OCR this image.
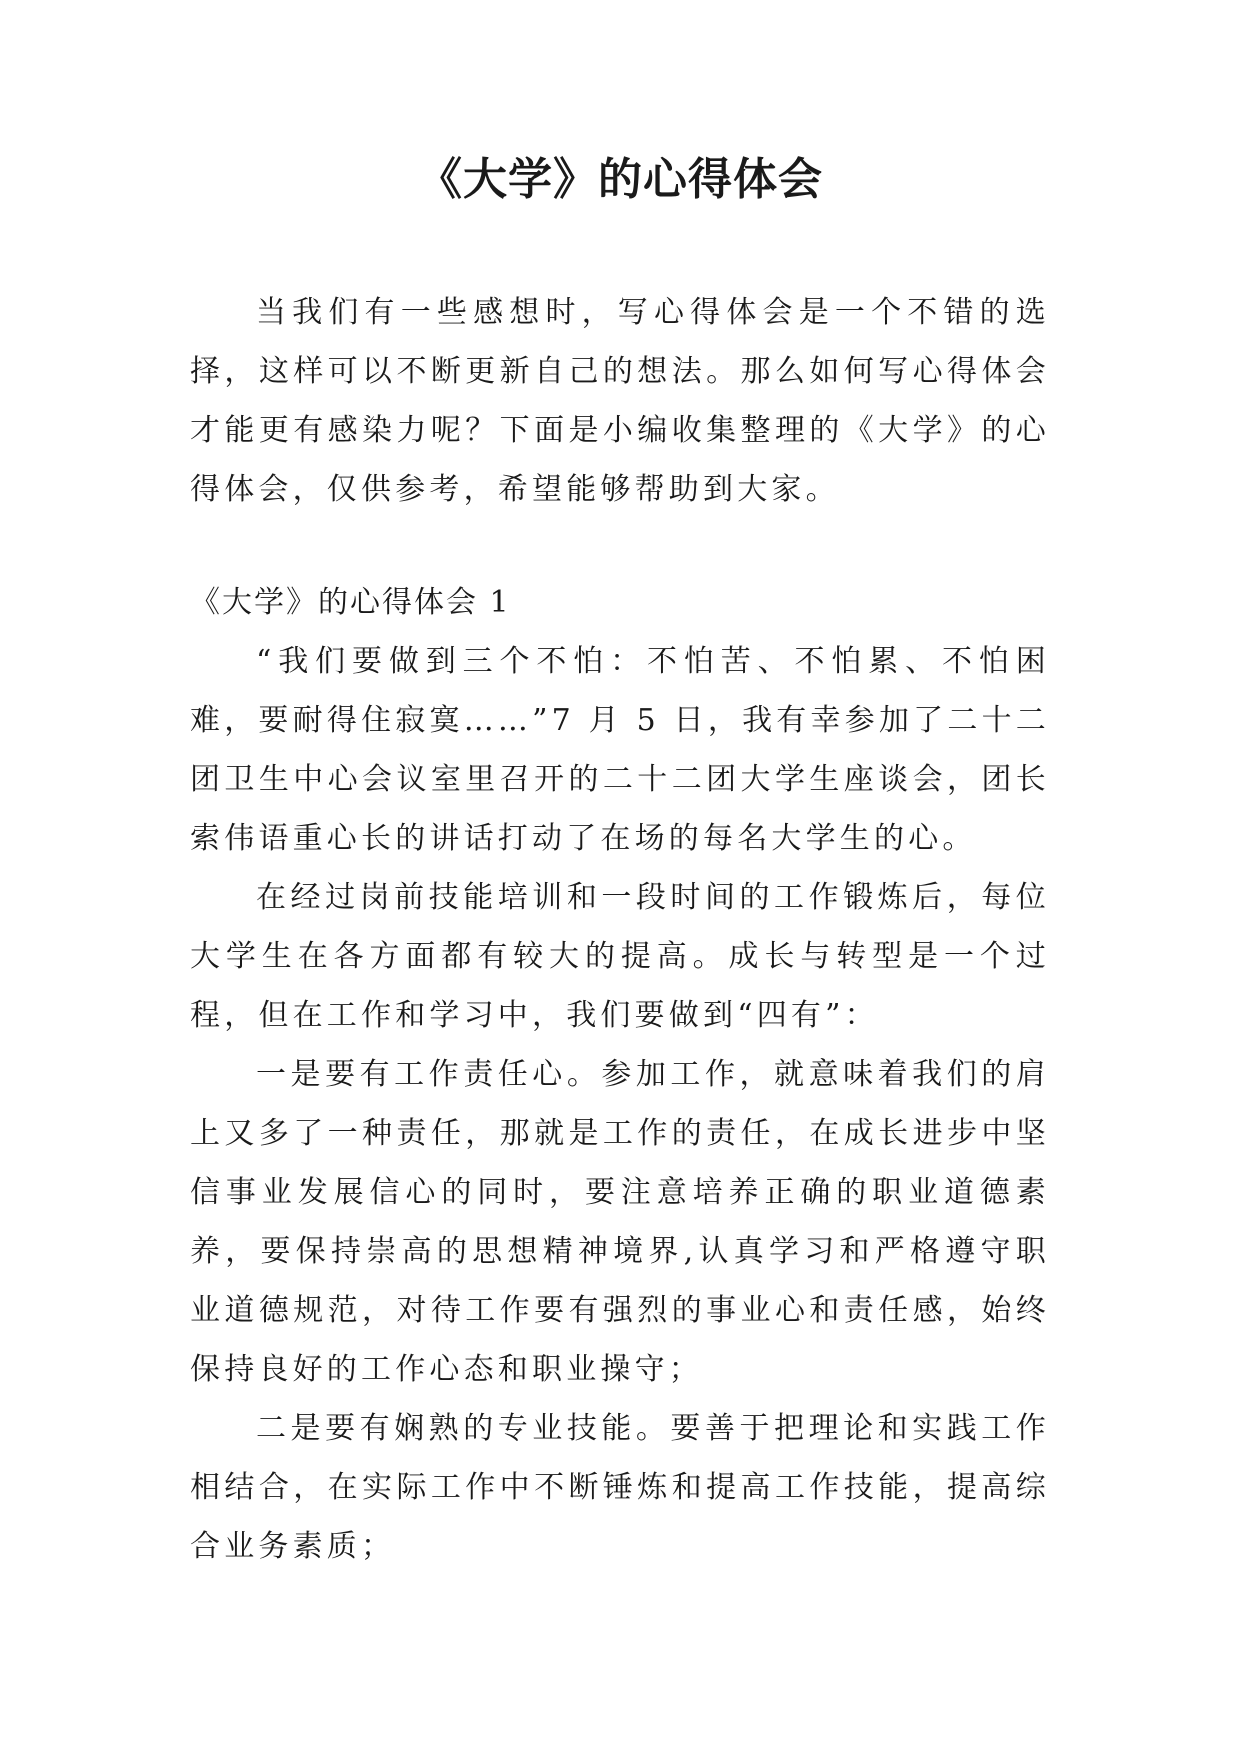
《大学》的心得体会

当我们有一些感想时，写心得体会是一个不错的选择，这样可以不断更新自己的想法。那么如何写心得体会才能更有感染力呢？下面是小编收集整理的《大学》的心得体会，仅供参考，希望能够帮助到大家。

《大学》的心得体会 1

“我们要做到三个不怕：不怕苦、不怕累、不怕困难，要耐得住寂寞……”7 月 5 日，我有幸参加了二十二团卫生中心会议室里召开的二十二团大学生座谈会，团长索伟语重心长的讲话打动了在场的每名大学生的心。

在经过岗前技能培训和一段时间的工作锻炼后，每位大学生在各方面都有较大的提高。成长与转型是一个过程，但在工作和学习中，我们要做到“四有”：

一是要有工作责任心。参加工作，就意味着我们的肩上又多了一种责任，那就是工作的责任，在成长进步中坚信事业发展信心的同时，要注意培养正确的职业道德素养，要保持崇高的思想精神境界,认真学习和严格遵守职业道德规范，对待工作要有强烈的事业心和责任感，始终保持良好的工作心态和职业操守；

二是要有娴熟的专业技能。要善于把理论和实践工作相结合，在实际工作中不断锤炼和提高工作技能，提高综合业务素质；
